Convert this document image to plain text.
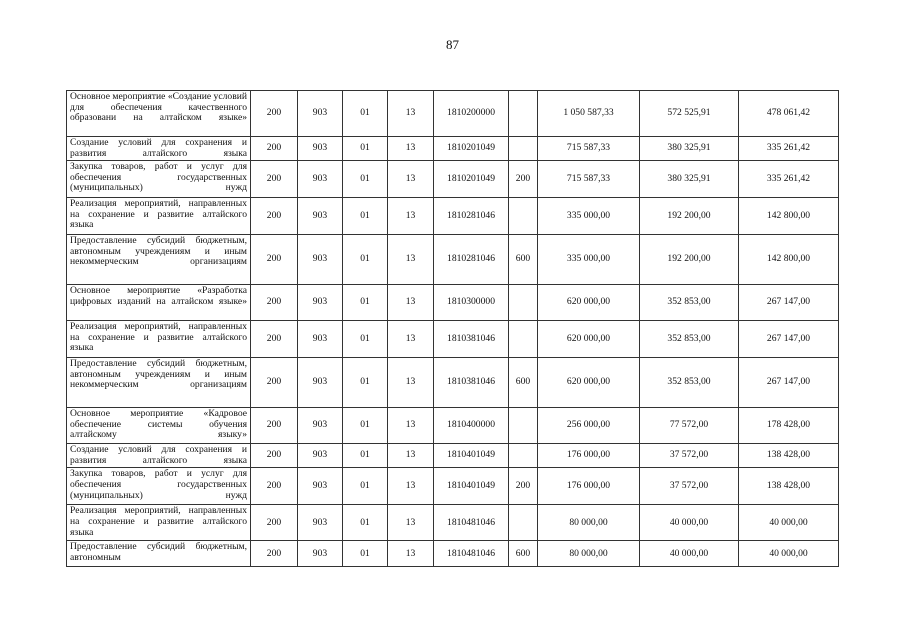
87
Основное мероприятие «Создание условий для обеспечения качественного образовани на алтайском языке»	200	903	01	13	1810200000		1 050 587,33	572 525,91	478 061,42
Создание условий для сохранения и развития алтайского языка	200	903	01	13	1810201049		715 587,33	380 325,91	335 261,42
Закупка товаров, работ и услуг для обеспечения государственных (муниципальных) нужд	200	903	01	13	1810201049	200	715 587,33	380 325,91	335 261,42
Реализация мероприятий, направленных на сохранение и развитие алтайского языка	200	903	01	13	1810281046		335 000,00	192 200,00	142 800,00
Предоставление субсидий бюджетным, автономным учреждениям и иным некоммерческим организациям	200	903	01	13	1810281046	600	335 000,00	192 200,00	142 800,00
Основное мероприятие «Разработка цифровых изданий на алтайском языке»	200	903	01	13	1810300000		620 000,00	352 853,00	267 147,00
Реализация мероприятий, направленных на сохранение и развитие алтайского языка	200	903	01	13	1810381046		620 000,00	352 853,00	267 147,00
Предоставление субсидий бюджетным, автономным учреждениям и иным некоммерческим организациям	200	903	01	13	1810381046	600	620 000,00	352 853,00	267 147,00
Основное мероприятие «Кадровое обеспечение системы обучения алтайскому языку»	200	903	01	13	1810400000		256 000,00	77 572,00	178 428,00
Создание условий для сохранения и развития алтайского языка	200	903	01	13	1810401049		176 000,00	37 572,00	138 428,00
Закупка товаров, работ и услуг для обеспечения государственных (муниципальных) нужд	200	903	01	13	1810401049	200	176 000,00	37 572,00	138 428,00
Реализация мероприятий, направленных на сохранение и развитие алтайского языка	200	903	01	13	1810481046		80 000,00	40 000,00	40 000,00
Предоставление субсидий бюджетным, автономным	200	903	01	13	1810481046	600	80 000,00	40 000,00	40 000,00
